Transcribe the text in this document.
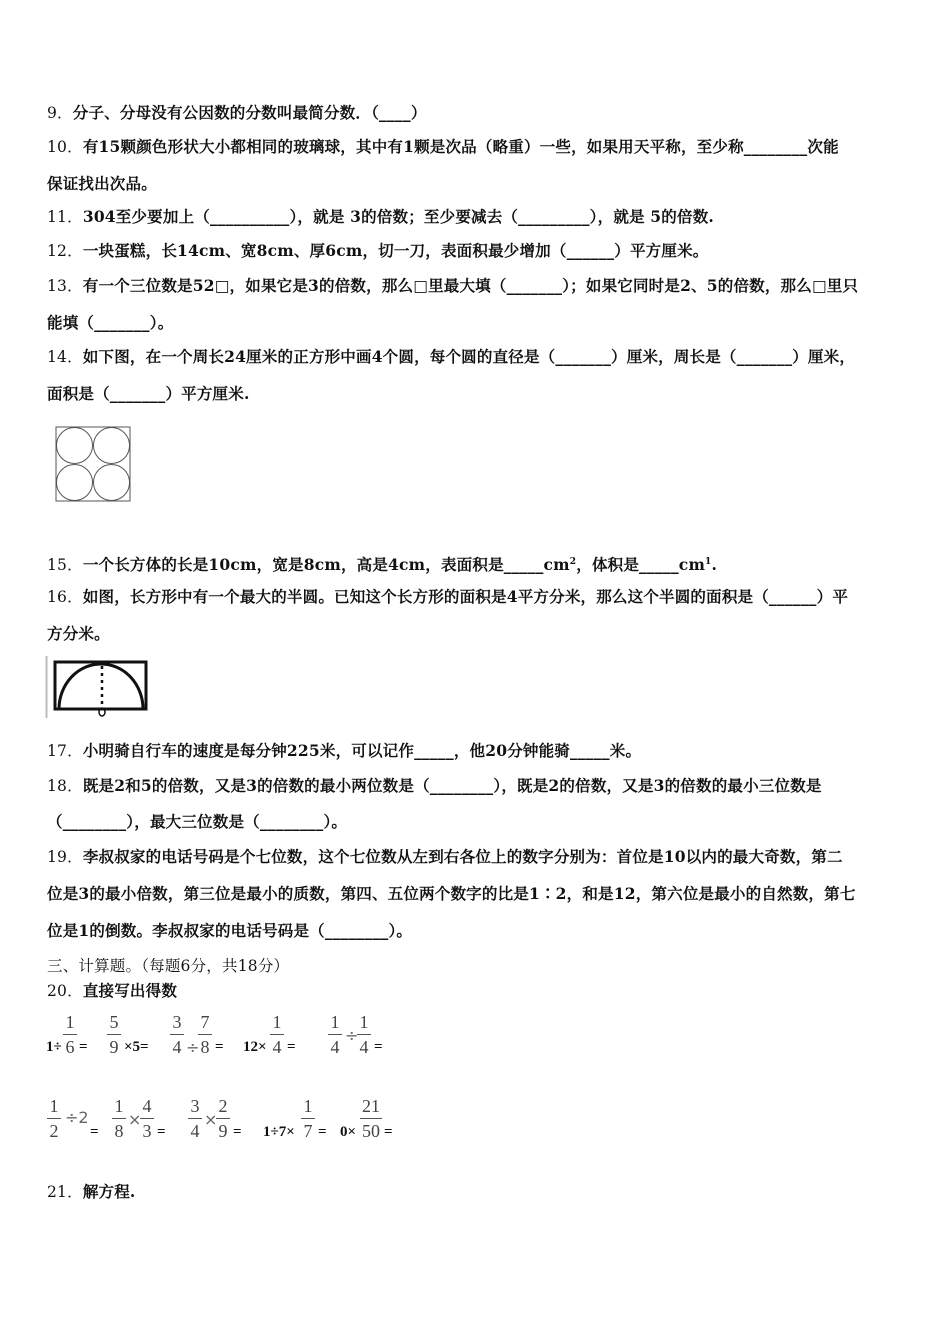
9．分子、分母没有公因数的分数叫最简分数．（____）
10．有15颗颜色形状大小都相同的玻璃球，其中有1颗是次品（略重）一些，如果用天平称，至少称________次能
保证找出次品。
11．304至少要加上（__________），就是 3的倍数；至少要减去（_________），就是 5的倍数.
12．一块蛋糕，长14cm、宽8cm、厚6cm，切一刀，表面积最少增加（______）平方厘米。
13．有一个三位数是52□，如果它是3的倍数，那么□里最大填（_______）；如果它同时是2、5的倍数，那么□里只
能填（_______）。
14．如下图，在一个周长24厘米的正方形中画4个圆，每个圆的直径是（_______）厘米，周长是（_______）厘米，
面积是（_______）平方厘米.
15．一个长方体的长是10cm，宽是8cm，高是4cm，表面积是$\_\_\_\_\_cm^2$，体积是$\_\_\_\_\_cm^1$.
16．如图，长方形中有一个最大的半圆。已知这个长方形的面积是4平方分米，那么这个半圆的面积是（______）平
方分米。
17．小明骑自行车的速度是每分钟225米，可以记作_____，他20分钟能骑_____米。
18．既是2和5的倍数，又是3的倍数的最小两位数是（________），既是2的倍数，又是3的倍数的最小三位数是
（________），最大三位数是（________）。
19．李叔叔家的电话号码是个七位数，这个七位数从左到右各位上的数字分别为：首位是10以内的最大奇数，第二
位是3的最小倍数，第三位是最小的质数，第四、五位两个数字的比是1∶2，和是12，第六位是最小的自然数，第七
位是1的倒数。李叔叔家的电话号码是（________）。
三、计算题。（每题6分，共18分）
20．直接写出得数
1÷
1
6 =
5
9 ×5=
3
4 ÷
7
8 = 12×
1
4 =
1
4
÷
1
4 =
1
2
÷2
=
1
8
×
4
3 =
3
4
×
2
9 = 1÷7×
1
7 = 0×
21
50 =
21．解方程.
